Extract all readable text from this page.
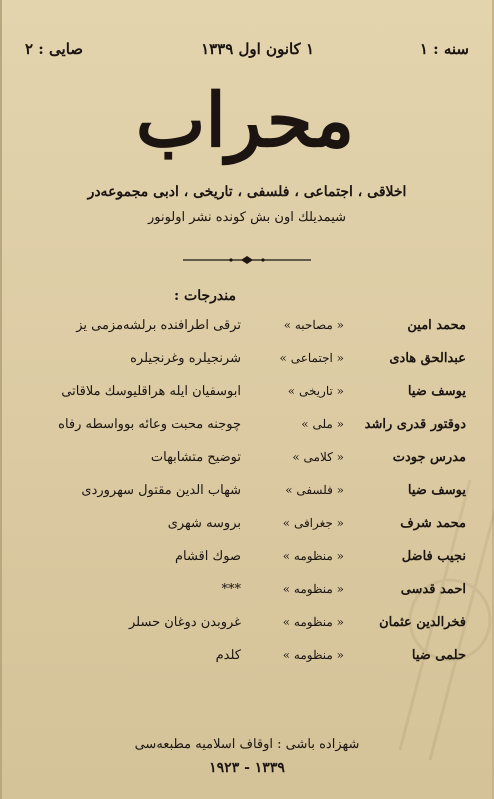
سنه : ١
١ كانون اول ١٣٣٩
صايى : ٢
محراب
اخلاقى ، اجتماعى ، فلسفى ، تاريخى ، ادبى مجموعه‌در
شيمديلك اون بش كونده نشر اولونور
مندرجات :
محمد امين
« مصاحبه »
ترقى اطرافنده برلشه‌مزمى يز
عبدالحق هادى
« اجتماعى »
شرنجيلره وغرنجيلره
يوسف ضيا
« تاريخى »
ابوسفيان ايله هراقليوسك ملاقاتى
دوقتور قدرى راشد
« ملى »
چوجنه محبت وعائه بوواسطه رفاه
مدرس جودت
« كلامى »
توضيح متشابهات
يوسف ضيا
« فلسفى »
شهاب الدين مقتول سهروردى
محمد شرف
« جغرافى »
بروسه شهرى
نجيب فاضل
« منظومه »
صوك اقشام
احمد قدسى
« منظومه »
***
فخرالدين عثمان
« منظومه »
غروبدن دوغان حسلر
حلمى ضيا
« منظومه »
كلدم
شهزاده باشى : اوقاف اسلاميه مطبعه‌سى
١٣٣٩ - ١٩٢٣
